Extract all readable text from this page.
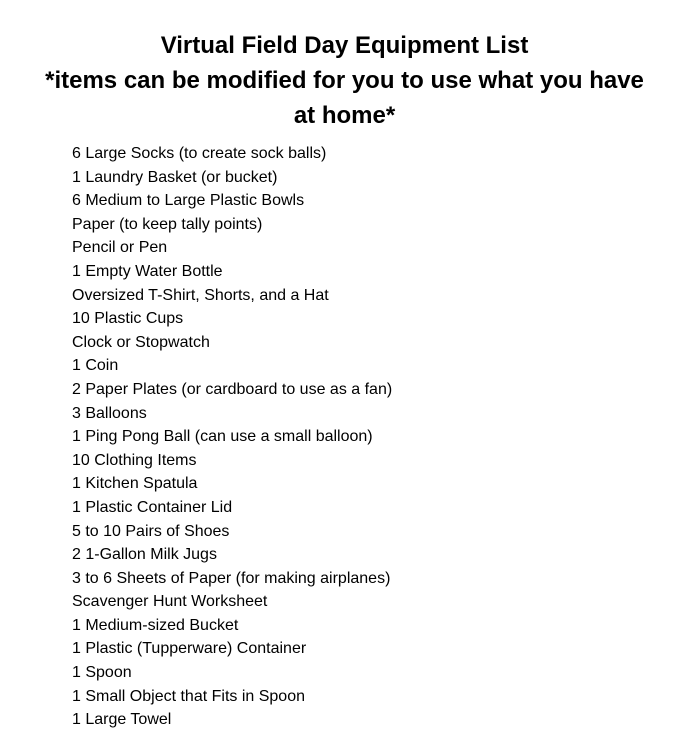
Virtual Field Day Equipment List
*items can be modified for you to use what you have
at home*
6 Large Socks (to create sock balls)
1 Laundry Basket (or bucket)
6 Medium to Large Plastic Bowls
Paper (to keep tally points)
Pencil or Pen
1 Empty Water Bottle
Oversized T-Shirt, Shorts, and a Hat
10 Plastic Cups
Clock or Stopwatch
1 Coin
2 Paper Plates (or cardboard to use as a fan)
3 Balloons
1 Ping Pong Ball (can use a small balloon)
10 Clothing Items
1 Kitchen Spatula
1 Plastic Container Lid
5 to 10 Pairs of Shoes
2 1-Gallon Milk Jugs
3 to 6 Sheets of Paper (for making airplanes)
Scavenger Hunt Worksheet
1 Medium-sized Bucket
1 Plastic (Tupperware) Container
1 Spoon
1 Small Object that Fits in Spoon
1 Large Towel
